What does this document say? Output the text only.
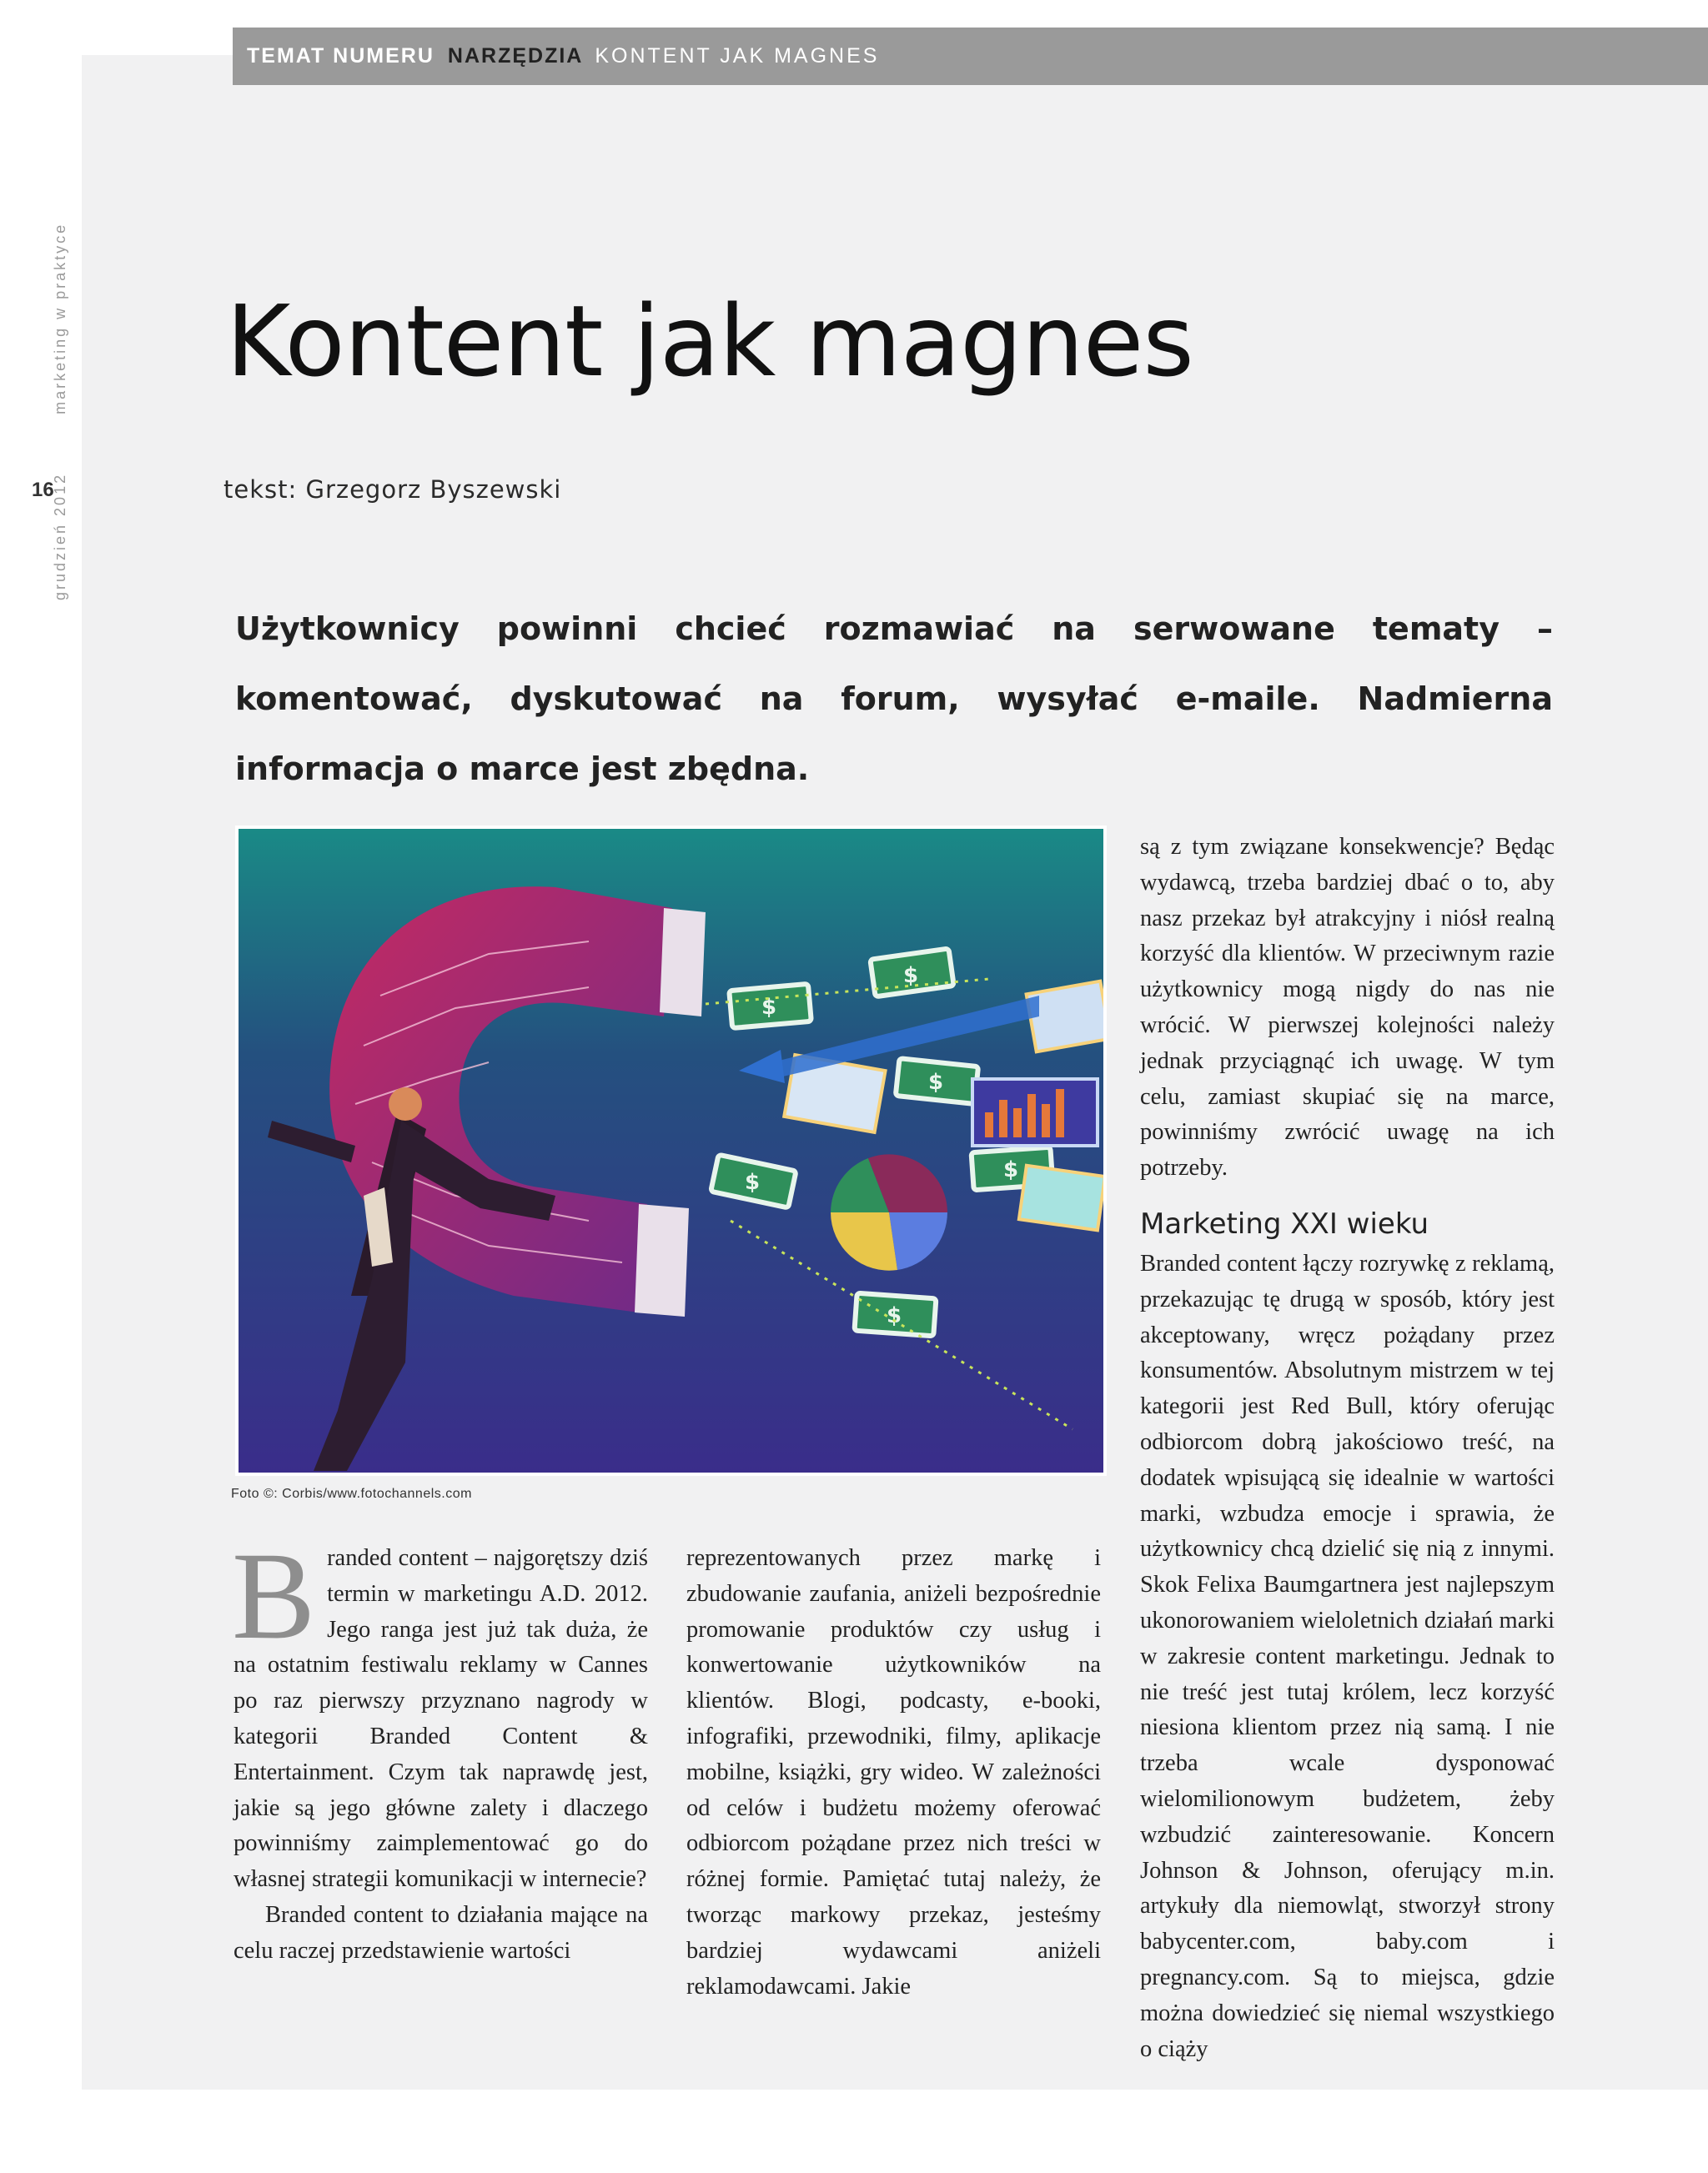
TEMAT NUMERU NARZĘDZIA KONTENT JAK MAGNES
grudzień 2012marketing w praktyce
16
Kontent jak magnes
tekst: Grzegorz Byszewski

Użytkownicy powinni chcieć rozmawiać na serwowane tematy – komentować, dyskutować na forum, wysyłać e-maile. Nadmierna informacja o marce jest zbędna.

$
$
$
$
$
$
Foto ©: Corbis/www.fotochannels.com

Branded content – najgorętszy dziś termin w marketingu A.D. 2012. Jego ranga jest już tak duża, że na ostatnim festiwalu reklamy w Cannes po raz pierwszy przyznano nagrody w kategorii Branded Content & Entertainment. Czym tak naprawdę jest, jakie są jego główne zalety i dlaczego powinniśmy zaimplementować go do własnej strategii komunikacji w internecie?

Branded content to działania mające na celu raczej przedstawienie wartości

reprezentowanych przez markę i zbudowanie zaufania, aniżeli bezpośrednie promowanie produktów czy usług i konwertowanie użytkowników na klientów. Blogi, podcasty, e-booki, infografiki, przewodniki, filmy, aplikacje mobilne, książki, gry wideo. W zależności od celów i budżetu możemy oferować odbiorcom pożądane przez nich treści w różnej formie. Pamiętać tutaj należy, że tworząc markowy przekaz, jesteśmy bardziej wydawcami aniżeli reklamodawcami. Jakie

są z tym związane konsekwencje? Będąc wydawcą, trzeba bardziej dbać o to, aby nasz przekaz był atrakcyjny i niósł realną korzyść dla klientów. W przeciwnym razie użytkownicy mogą nigdy do nas nie wrócić. W pierwszej kolejności należy jednak przyciągnąć ich uwagę. W tym celu, zamiast skupiać się na marce, powinniśmy zwrócić uwagę na ich potrzeby.

Marketing XXI wieku

Branded content łączy rozrywkę z reklamą, przekazując tę drugą w sposób, który jest akceptowany, wręcz pożądany przez konsumentów. Absolutnym mistrzem w tej kategorii jest Red Bull, który oferując odbiorcom dobrą jakościowo treść, na dodatek wpisującą się idealnie w wartości marki, wzbudza emocje i sprawia, że użytkownicy chcą dzielić się nią z innymi. Skok Felixa Baumgartnera jest najlepszym ukonorowaniem wieloletnich działań marki w zakresie content marketingu. Jednak to nie treść jest tutaj królem, lecz korzyść niesiona klientom przez nią samą. I nie trzeba wcale dysponować wielomilionowym budżetem, żeby wzbudzić zainteresowanie. Koncern Johnson & Johnson, oferujący m.in. artykuły dla niemowląt, stworzył strony babycenter.com, baby.com i pregnancy.com. Są to miejsca, gdzie można dowiedzieć się niemal wszystkiego o ciąży
